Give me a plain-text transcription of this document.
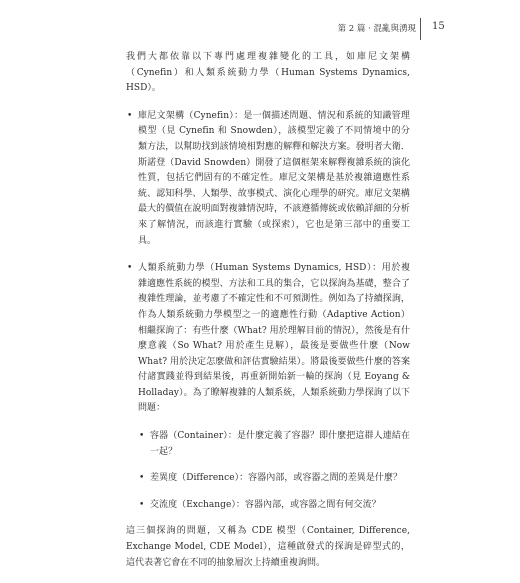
第 2 篇 · 混亂與湧現 15

我們大都依靠以下專門處理複雜變化的工具，如庫尼文架構（Cynefin）和人類系統動力學（Human Systems Dynamics, HSD）。

• 庫尼文架構（Cynefin）：是一個描述問題、情況和系統的知識管理模型（見 Cynefin 和 Snowden），該模型定義了不同情境中的分類方法，以幫助找到該情境相對應的解釋和解決方案。發明者大衛．斯諾登（David Snowden）開發了這個框架來解釋複雜系統的演化性質，包括它們固有的不確定性。庫尼文架構是基於複雜適應性系統、認知科學、人類學、故事模式、演化心理學的研究。庫尼文架構最大的價值在說明面對複雜情況時，不該遵循傳統或依賴詳細的分析來了解情況，而該進行實驗（或探索），它也是第三部中的重要工具。
• 人類系統動力學（Human Systems Dynamics, HSD）：用於複雜適應性系統的模型、方法和工具的集合，它以探詢為基礎，整合了複雜性理論，並考慮了不確定性和不可預測性。例如為了持續探詢，作為人類系統動力學模型之一的適應性行動（Adaptive Action）相繼探詢了：有些什麼（What? 用於理解目前的情況），然後是有什麼意義（So What? 用於產生見解），最後是要做些什麼（Now What? 用於決定怎麼做和評估實驗結果）。將最後要做些什麼的答案付諸實踐並得到結果後，再重新開始新一輪的探詢（見 Eoyang & Holladay）。為了瞭解複雜的人類系統，人類系統動力學探詢了以下問題：
• 容器（Container）：是什麼定義了容器？即什麼把這群人連結在一起？
• 差異度（Difference）：容器內部，或容器之間的差異是什麼？
• 交流度（Exchange）：容器內部，或容器之間有何交流？

這三個探詢的問題，又稱為 CDE 模型（Container, Difference, Exchange Model, CDE Model），這種啟發式的探詢是碎型式的，這代表著它會在不同的抽象層次上持續重複詢問。
